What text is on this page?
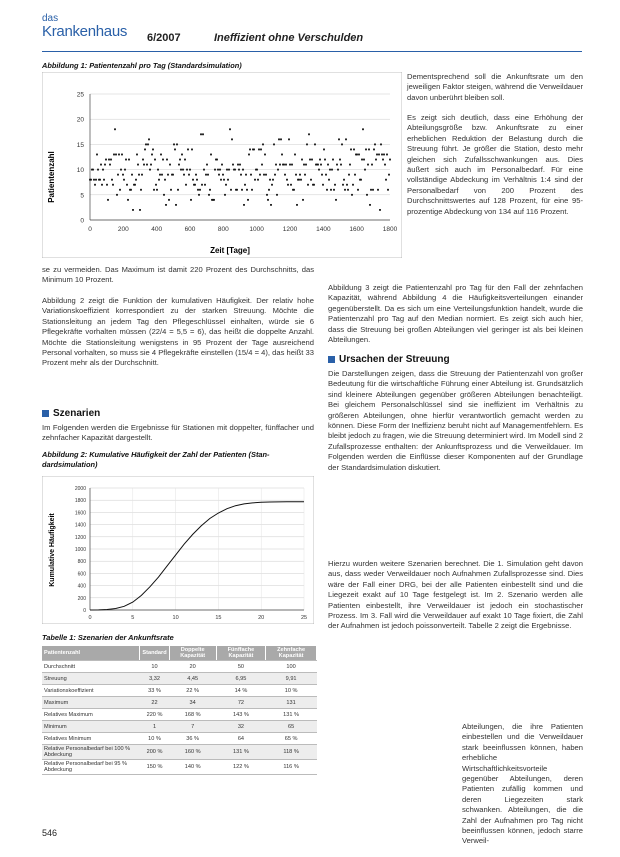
das
Krankenhaus 6/2007	Ineffizient ohne Verschulden
Abbildung 1: Patientenzahl pro Tag (Standardsimulation)
0
5
10
15
20
25
0	200	400	600	800	1000	1200	1400	1600	1800
Patientenzahl
Zeit [Tage]

se zu vermeiden. Das Maximum ist damit 220 Prozent des Durchschnitts, das Minimum 10 Prozent.

Abbildung 2 zeigt die Funktion der kumulativen Häufigkeit. Der relativ hohe Variationskoeffizient korrespondiert zu der starken Streuung. Möchte die Stationsleitung an jedem Tag den Pflegeschlüssel einhalten, würde sie 6 Pflegekräfte vorhalten müssen (22/4 = 5,5 = 6), das heißt die doppelte Anzahl. Möchte die Stationsleitung wenigstens in 95 Prozent der Tage ausreichend Personal vorhalten, so muss sie 4 Pflegekräfte einstellen (15/4 = 4), das heißt 33 Prozent mehr als der Durchschnitt.

Szenarien

Im Folgenden werden die Ergebnisse für Stationen mit doppelter, fünffacher und zehnfacher Kapazität dargestellt.

Abbildung 2: Kumulative Häufigkeit der Zahl der Patienten (Stan-
dardsimulation)
0
200
400
600
800
1000
1200
1400
1600
1800
2000
0	5	10	15	20	25
Kumulative Häufigkeit
Tabelle 1: Szenarien der Ankunftsrate
Patientenzahl	Standard	Doppelte Kapazität	Fünffache Kapazität	Zehnfache Kapazität
Durchschnitt	10	20	50	100
Streuung	3,32	4,45	6,95	9,91
Variationskoeffizient	33 %	22 %	14 %	10 %
Maximum	22	34	72	131
Relatives Maximum	220 %	168 %	143 %	131 %
Minimum	1	7	32	65
Relatives Minimum	10 %	36 %	64	65 %
Relative Personalbedarf bei 100 % Abdeckung	200 %	160 %	131 %	118 %
Relative Personalbedarf bei 95 % Abdeckung	150 %	140 %	122 %	116 %
546

Dementsprechend soll die Ankunftsrate um den jeweiligen Faktor steigen, während die Verweildauer davon unberührt bleiben soll.

Es zeigt sich deutlich, dass eine Erhöhung der Abteilungsgröße bzw. Ankunftsrate zu einer erheblichen Reduktion der Belastung durch die Streuung führt. Je größer die Station, desto mehr gleichen sich Zufallsschwankungen aus. Dies äußert sich auch im Personalbedarf. Für eine vollständige Abdeckung im Verhältnis 1:4 sind der Personalbedarf von 200 Prozent des Durchschnittswertes auf 128 Prozent, für eine 95-prozentige Abdeckung von 134 auf 116 Prozent.

Abbildung 3 zeigt die Patientenzahl pro Tag für den Fall der zehnfachen Kapazität, während Abbildung 4 die Häufigkeitsverteilungen einander gegenüberstellt. Da es sich um eine Verteilungsfunktion handelt, wurde die Patientenzahl pro Tag auf den Median normiert. Es zeigt sich auch hier, dass die Streuung bei großen Abteilungen viel geringer ist als bei kleinen Abteilungen.

Ursachen der Streuung

Die Darstellungen zeigen, dass die Streuung der Patientenzahl von großer Bedeutung für die wirtschaftliche Führung einer Abteilung ist. Grundsätzlich sind kleinere Abteilungen gegenüber größeren Abteilungen benachteiligt. Bei gleichem Personalschlüssel sind sie ineffizient im Verhältnis zu größeren Abteilungen, ohne hierfür verantwortlich gemacht werden zu können. Diese Form der Ineffizienz beruht nicht auf Managementfehlern. Es bleibt jedoch zu fragen, wie die Streuung determiniert wird. Im Modell sind 2 Zufallsprozesse enthalten: der Ankunftsprozess und die Verweildauer. Im Folgenden werden die Einflüsse dieser Komponenten auf der Grundlage der Standardsimulation diskutiert.

Hierzu wurden weitere Szenarien berechnet. Die 1. Simulation geht davon aus, dass weder Verweildauer noch Aufnahmen Zufallsprozesse sind. Dies wäre der Fall einer DRG, bei der alle Patienten einbestellt sind und die Liegezeit exakt auf 10 Tage festgelegt ist. Im 2. Szenario werden alle Patienten einbestellt, ihre Verweildauer ist jedoch ein stochastischer Prozess. Im 3. Fall wird die Verweildauer auf exakt 10 Tage fixiert, die Zahl der Aufnahmen ist jedoch poissonverteilt. Tabelle 2 zeigt die Ergebnisse.

Abteilungen, die ihre Patienten einbestellen und die Verweildauer stark beeinflussen können, haben erhebliche Wirtschaftlichkeitsvorteile gegenüber Abteilungen, deren Patienten zufällig kommen und deren Liegezeiten stark schwanken. Abteilungen, die die Zahl der Aufnahmen pro Tag nicht beeinflussen können, jedoch starre Verweil-
